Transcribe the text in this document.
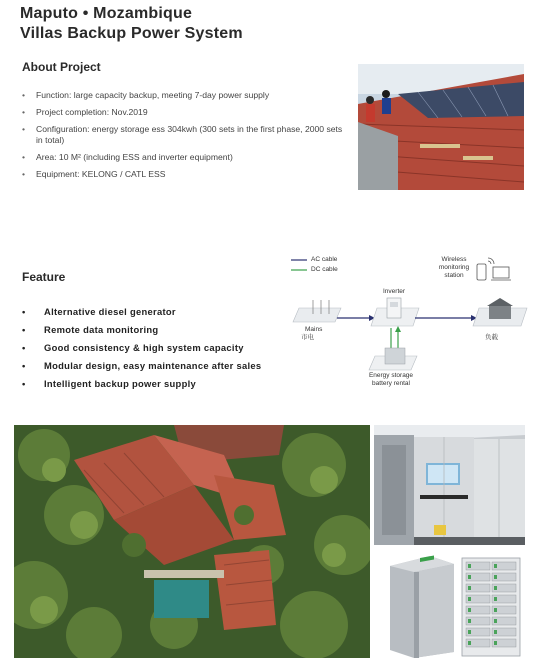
Maputo • Mozambique
Villas Backup Power System
About Project
• Function: large capacity backup, meeting 7-day power supply
• Project completion: Nov.2019
• Configuration: energy storage ess 304kwh (300 sets in the first phase, 2000 sets in total)
• Area: 10 M² (including ESS and inverter equipment)
• Equipment: KELONG / CATL ESS
Feature
• Alternative diesel generator
• Remote data monitoring
• Good consistency & high system capacity
• Modular design, easy maintenance after sales
• Intelligent backup power supply
AC cable
DC cable
Wireless
monitoring
station
Inverter
Mains
市电	负载
Energy storage
battery rental
